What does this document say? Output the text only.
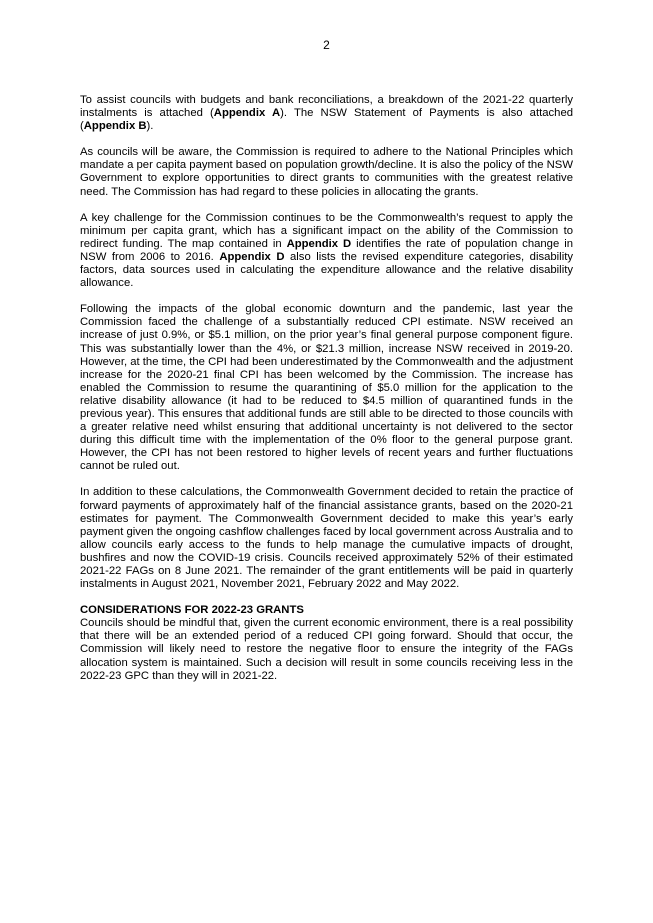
2

To assist councils with budgets and bank reconciliations, a breakdown of the 2021-22 quarterly instalments is attached (Appendix A). The NSW Statement of Payments is also attached (Appendix B).

As councils will be aware, the Commission is required to adhere to the National Principles which mandate a per capita payment based on population growth/decline. It is also the policy of the NSW Government to explore opportunities to direct grants to communities with the greatest relative need. The Commission has had regard to these policies in allocating the grants.

A key challenge for the Commission continues to be the Commonwealth’s request to apply the minimum per capita grant, which has a significant impact on the ability of the Commission to redirect funding. The map contained in Appendix D identifies the rate of population change in NSW from 2006 to 2016. Appendix D also lists the revised expenditure categories, disability factors, data sources used in calculating the expenditure allowance and the relative disability allowance.

Following the impacts of the global economic downturn and the pandemic, last year the Commission faced the challenge of a substantially reduced CPI estimate. NSW received an increase of just 0.9%, or $5.1 million, on the prior year’s final general purpose component figure. This was substantially lower than the 4%, or $21.3 million, increase NSW received in 2019-20. However, at the time, the CPI had been underestimated by the Commonwealth and the adjustment increase for the 2020-21 final CPI has been welcomed by the Commission. The increase has enabled the Commission to resume the quarantining of $5.0 million for the application to the relative disability allowance (it had to be reduced to $4.5 million of quarantined funds in the previous year). This ensures that additional funds are still able to be directed to those councils with a greater relative need whilst ensuring that additional uncertainty is not delivered to the sector during this difficult time with the implementation of the 0% floor to the general purpose grant. However, the CPI has not been restored to higher levels of recent years and further fluctuations cannot be ruled out.

In addition to these calculations, the Commonwealth Government decided to retain the practice of forward payments of approximately half of the financial assistance grants, based on the 2020-21 estimates for payment. The Commonwealth Government decided to make this year’s early payment given the ongoing cashflow challenges faced by local government across Australia and to allow councils early access to the funds to help manage the cumulative impacts of drought, bushfires and now the COVID-19 crisis. Councils received approximately 52% of their estimated 2021-22 FAGs on 8 June 2021. The remainder of the grant entitlements will be paid in quarterly instalments in August 2021, November 2021, February 2022 and May 2022.

CONSIDERATIONS FOR 2022-23 GRANTS

Councils should be mindful that, given the current economic environment, there is a real possibility that there will be an extended period of a reduced CPI going forward. Should that occur, the Commission will likely need to restore the negative floor to ensure the integrity of the FAGs allocation system is maintained. Such a decision will result in some councils receiving less in the 2022-23 GPC than they will in 2021-22.
